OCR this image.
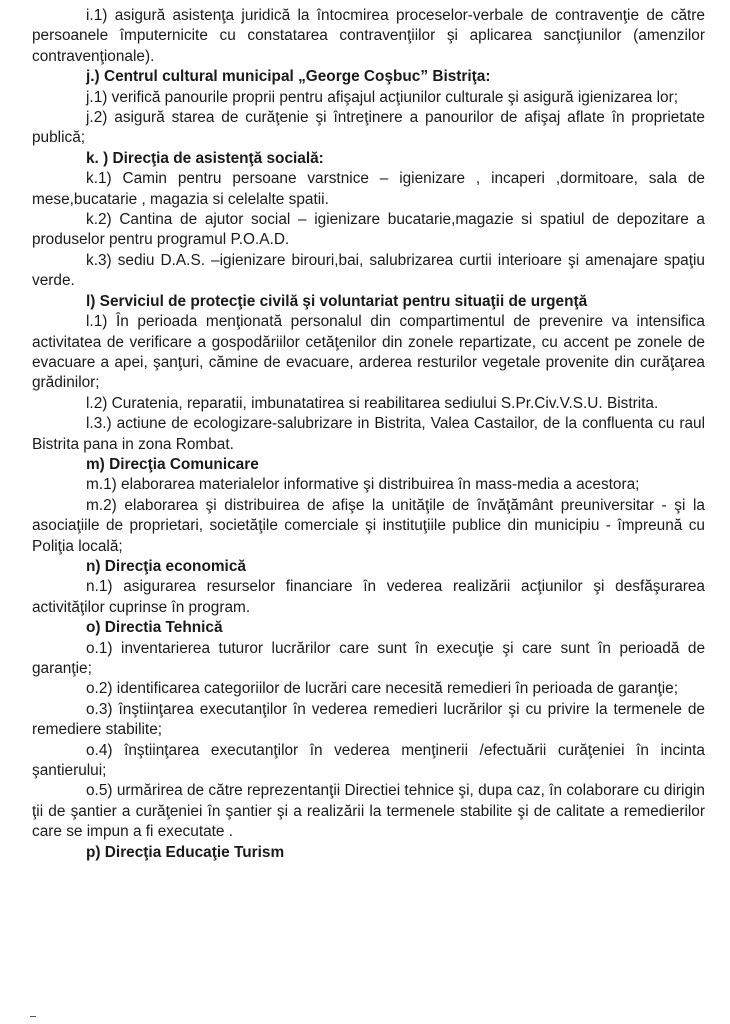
i.1) asigură asistenţa juridică la întocmirea proceselor-verbale de contravenţie de către persoanele împuternicite cu constatarea contravenţiilor şi aplicarea sancţiunilor (amenzilor contravenţionale).

j.) Centrul cultural municipal „George Coşbuc” Bistriţa:

j.1) verifică panourile proprii pentru afişajul acţiunilor culturale şi asigură igienizarea lor;

j.2) asigură starea de curăţenie şi întreţinere a panourilor de afişaj aflate în proprietate publică;

k. ) Direcţia de asistenţă socială:

k.1) Camin pentru persoane varstnice – igienizare , incaperi ,dormitoare, sala de mese,bucatarie , magazia si celelalte spatii.

k.2) Cantina de ajutor social – igienizare bucatarie,magazie si spatiul de depozitare a produselor pentru programul P.O.A.D.

k.3) sediu D.A.S. –igienizare birouri,bai, salubrizarea curtii interioare şi amenajare spaţiu verde.

l) Serviciul de protecţie civilă şi voluntariat pentru situaţii de urgenţă

l.1) În perioada menţionată personalul din compartimentul de prevenire va intensifica activitatea de verificare a gospodăriilor cetăţenilor din zonele repartizate, cu accent pe zonele de evacuare a apei, şanţuri, cămine de evacuare, arderea resturilor vegetale provenite din curăţarea grădinilor;

l.2) Curatenia, reparatii, imbunatatirea si reabilitarea sediului S.Pr.Civ.V.S.U. Bistrita.

l.3.) actiune de ecologizare-salubrizare in Bistrita, Valea Castailor, de la confluenta cu raul Bistrita pana in zona Rombat.

m) Direcţia Comunicare

m.1) elaborarea materialelor informative şi distribuirea în mass-media a acestora;

m.2) elaborarea şi distribuirea de afişe la unităţile de învăţământ preuniversitar - şi la asociaţiile de proprietari, societăţile comerciale şi instituţiile publice din municipiu - împreună cu Poliţia locală;

n) Direcţia economică

n.1) asigurarea resurselor financiare în vederea realizării acţiunilor şi desfăşurarea activităţilor cuprinse în program.

o) Directia Tehnică

o.1) inventarierea tuturor lucrărilor care sunt în execuţie şi care sunt în perioadă de garanţie;

o.2) identificarea categoriilor de lucrări care necesită remedieri în perioada de garanţie;

o.3) înştiinţarea executanţilor în vederea remedieri lucrărilor şi cu privire la termenele de remediere stabilite;

o.4) înştiinţarea executanţilor în vederea menţinerii /efectuării curăţeniei în incinta şantierului;

o.5) urmărirea de către reprezentanţii Directiei tehnice şi, dupa caz, în colaborare cu dirigin ţii de şantier a curăţeniei în şantier şi a realizării la termenele stabilite şi de calitate a remedierilor care se impun a fi executate .

p) Direcţia Educaţie Turism
